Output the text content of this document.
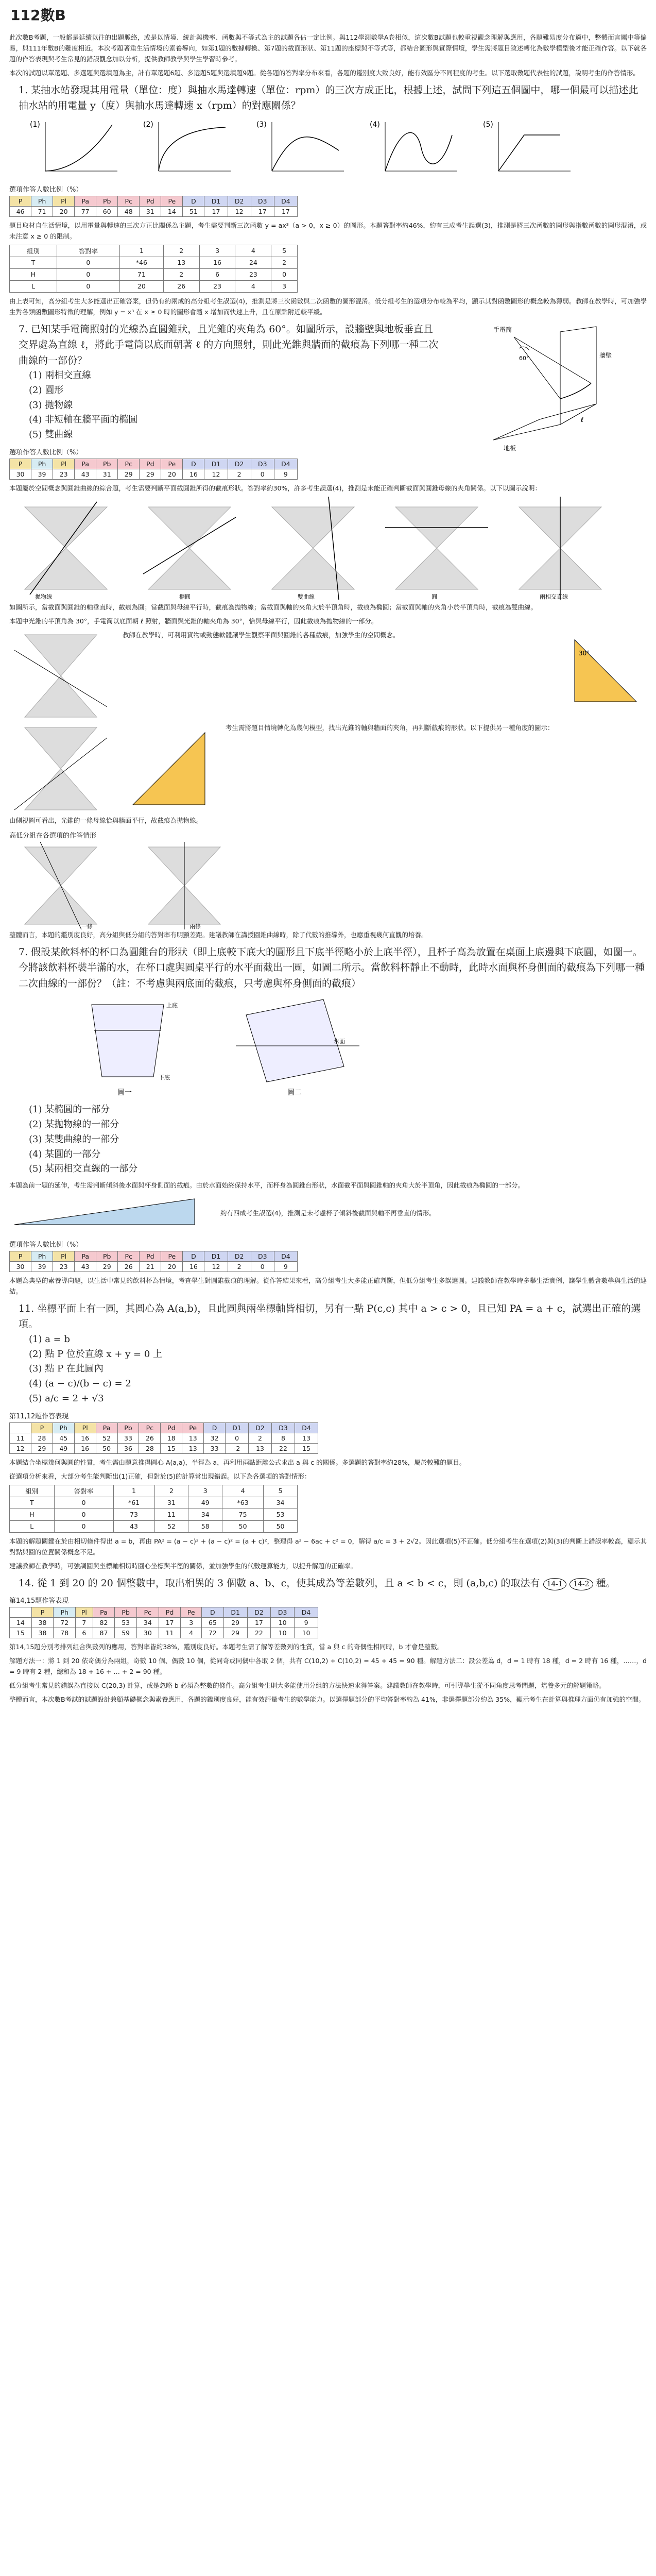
112數B

此次數B考題，一般都是延續以往的出題脈絡，或是以情境、統計與機率、函數與不等式為主的試題各佔一定比例。與112學測數學A卷相似，這次數B試題也較重視觀念理解與應用，各題難易度分布適中，整體而言屬中等偏易，與111年數B的難度相近。本次考題著重生活情境的素養導向，如第1題的數據轉換、第7題的截面形狀、第11題的座標與不等式等，都結合圖形與實際情境，學生需將題目敘述轉化為數學模型後才能正確作答。以下就各題的作答表現與考生常見的錯誤觀念加以分析，提供教師教學與學生學習時參考。

本次的試題以單選題、多選題與選填題為主，計有單選題6題、多選題5題與選填題9題。從各題的答對率分布來看，各題的鑑別度大致良好，能有效區分不同程度的考生。以下選取數題代表性的試題，說明考生的作答情形。

1. 某抽水站發現其用電量（單位：度）與抽水馬達轉速（單位：rpm）的三次方成正比，根據上述，試問下列這五個圖中，哪一個最可以描述此抽水站的用電量 y（度）與抽水馬達轉速 x（rpm）的對應關係？
(1)	(2)	(3)	(4)	(5)
選項作答人數比例（%）
P	Ph	Pl	Pa	Pb	Pc	Pd	Pe	D	D1	D2	D3	D4
46	71	20	77	60	48	31	14	51	17	12	17	17

題目取材自生活情境，以用電量與轉速的三次方正比關係為主題，考生需要判斷三次函數 y = ax³（a > 0，x ≥ 0）的圖形。本題答對率約46%，約有三成考生誤選(3)，推測是將三次函數的圖形與指數函數的圖形混淆，或未注意 x ≥ 0 的限制。

組別	答對率	1	2	3	4	5
T	0	*46	13	16	24	2
H	0	71	2	6	23	0
L	0	20	26	23	4	3

由上表可知，高分組考生大多能選出正確答案，但仍有約兩成的高分組考生誤選(4)，推測是將三次函數與二次函數的圖形混淆。低分組考生的選項分布較為平均，顯示其對函數圖形的概念較為薄弱。教師在教學時，可加強學生對各類函數圖形特徵的理解，例如 y = x³ 在 x ≥ 0 時的圖形會隨 x 增加而快速上升，且在原點附近較平緩。

7. 已知某手電筒照射的光線為直圓錐狀，且光錐的夾角為 60°。如圖所示，設牆壁與地板垂直且交界處為直線 ℓ，將此手電筒以底面朝著 ℓ 的方向照射，則此光錐與牆面的截痕為下列哪一種二次曲線的一部份？
(1) 兩相交直線
(2) 圓形
(3) 拋物線
(4) 非短軸在牆平面的橢圓
(5) 雙曲線
手電筒
牆壁
60°
地板
ℓ
選項作答人數比例（%）
P	Ph	Pl	Pa	Pb	Pc	Pd	Pe	D	D1	D2	D3	D4
30	39	23	43	31	29	29	20	16	12	2	0	9

本題屬於空間概念與圓錐曲線的綜合題，考生需要判斷平面截圓錐所得的截痕形狀。答對率約30%，許多考生誤選(4)，推測是未能正確判斷截面與圓錐母線的夾角關係。以下以圖示說明：

拋物線	橢圓	雙曲線	圓	兩相交直線

如圖所示，當截面與圓錐的軸垂直時，截痕為圓；當截面與母線平行時，截痕為拋物線；當截面與軸的夾角大於半頂角時，截痕為橢圓；當截面與軸的夾角小於半頂角時，截痕為雙曲線。

本題中光錐的半頂角為 30°，手電筒以底面朝 ℓ 照射，牆面與光錐的軸夾角為 30°，恰與母線平行，因此截痕為拋物線的一部分。

教師在教學時，可利用實物或動態軟體讓學生觀察平面與圓錐的各種截痕，加強學生的空間概念。

30°

考生需將題目情境轉化為幾何模型，找出光錐的軸與牆面的夾角，再判斷截痕的形狀。以下提供另一種角度的圖示：

由側視圖可看出，光錐的一條母線恰與牆面平行，故截痕為拋物線。

高低分組在各選項的作答情形
一條	兩條

整體而言，本題的鑑別度良好，高分組與低分組的答對率有明顯差距。建議教師在講授圓錐曲線時，除了代數的推導外，也應重視幾何直觀的培養。

7. 假設某飲料杯的杯口為圓錐台的形狀（即上底較下底大的圓形且下底半徑略小於上底半徑），且杯子高為放置在桌面上底邊與下底圓，如圖一。今將該飲料杯裝半滿的水，在杯口處與圓桌平行的水平面截出一圓，如圖二所示。當飲料杯靜止不動時，此時水面與杯身側面的截痕為下列哪一種二次曲線的一部份？（註：不考慮與兩底面的截痕，只考慮與杯身側面的截痕）
上底
下底
圖一
水面
圖二
(1) 某橢圓的一部分
(2) 某拋物線的一部分
(3) 某雙曲線的一部分
(4) 某圓的一部分
(5) 某兩相交直線的一部分

本題為前一題的延伸，考生需判斷傾斜後水面與杯身側面的截痕。由於水面始終保持水平，而杯身為圓錐台形狀，水面截平面與圓錐軸的夾角大於半頂角，因此截痕為橢圓的一部分。

約有四成考生誤選(4)，推測是未考慮杯子傾斜後截面與軸不再垂直的情形。

選項作答人數比例（%）
P	Ph	Pl	Pa	Pb	Pc	Pd	Pe	D	D1	D2	D3	D4
30	39	23	43	29	26	21	20	16	12	2	0	9

本題為典型的素養導向題，以生活中常見的飲料杯為情境，考查學生對圓錐截痕的理解。從作答結果來看，高分組考生大多能正確判斷，但低分組考生多誤選圓。建議教師在教學時多舉生活實例，讓學生體會數學與生活的連結。

11. 坐標平面上有一圓，其圓心為 A(a,b)，且此圓與兩坐標軸皆相切，另有一點 P(c,c) 其中 a > c > 0，且已知 PA = a + c，試選出正確的選項。
(1) a = b
(2) 點 P 位於直線 x + y = 0 上
(3) 點 P 在此圓內
(4) (a − c)/(b − c) = 2
(5) a/c = 2 + √3
第11,12題作答表現
	P	Ph	Pl	Pa	Pb	Pc	Pd	Pe	D	D1	D2	D3	D4
11	28	45	16	52	33	26	18	13	32	0	2	8	13
12	29	49	16	50	36	28	15	13	33	-2	13	22	15

本題結合坐標幾何與圓的性質，考生需由題意推得圓心 A(a,a)，半徑為 a，再利用兩點距離公式求出 a 與 c 的關係。多選題的答對率約28%，屬於較難的題目。

從選項分析來看，大部分考生能判斷出(1)正確，但對於(5)的計算常出現錯誤。以下為各選項的答對情形：

組別	答對率	1	2	3	4	5
T	0	*61	31	49	*63	34
H	0	73	11	34	75	53
L	0	43	52	58	50	50

本題的解題關鍵在於由相切條件得出 a = b，再由 PA² = (a − c)² + (a − c)² = (a + c)²，整理得 a² − 6ac + c² = 0，解得 a/c = 3 + 2√2。因此選項(5)不正確。低分組考生在選項(2)與(3)的判斷上錯誤率較高，顯示其對點與圓的位置關係概念不足。

建議教師在教學時，可強調圓與坐標軸相切時圓心坐標與半徑的關係，並加強學生的代數運算能力，以提升解題的正確率。

14. 從 1 到 20 的 20 個整數中，取出相異的 3 個數 a、b、c，使其成為等差數列，且 a < b < c，則 (a,b,c) 的取法有 14-1 14-2 種。
第14,15題作答表現
	P	Ph	Pl	Pa	Pb	Pc	Pd	Pe	D	D1	D2	D3	D4
14	38	72	7	82	53	34	17	3	65	29	17	10	9
15	38	78	6	87	59	30	11	4	72	29	22	10	10

第14,15題分別考排列組合與數列的應用，答對率皆約38%，鑑別度良好。本題考生需了解等差數列的性質，當 a 與 c 的奇偶性相同時，b 才會是整數。

解題方法一：將 1 到 20 依奇偶分為兩組，奇數 10 個、偶數 10 個，從同奇或同偶中各取 2 個，共有 C(10,2) + C(10,2) = 45 + 45 = 90 種。解題方法二：設公差為 d，d = 1 時有 18 種，d = 2 時有 16 種，……，d = 9 時有 2 種，總和為 18 + 16 + … + 2 = 90 種。

低分組考生常見的錯誤為直接以 C(20,3) 計算，或是忽略 b 必須為整數的條件。高分組考生則大多能使用分組的方法快速求得答案。建議教師在教學時，可引導學生從不同角度思考問題，培養多元的解題策略。

整體而言，本次數B考試的試題設計兼顧基礎概念與素養應用，各題的鑑別度良好，能有效評量考生的數學能力。以選擇題部分的平均答對率約為 41%，非選擇題部分約為 35%，顯示考生在計算與推理方面仍有加強的空間。
